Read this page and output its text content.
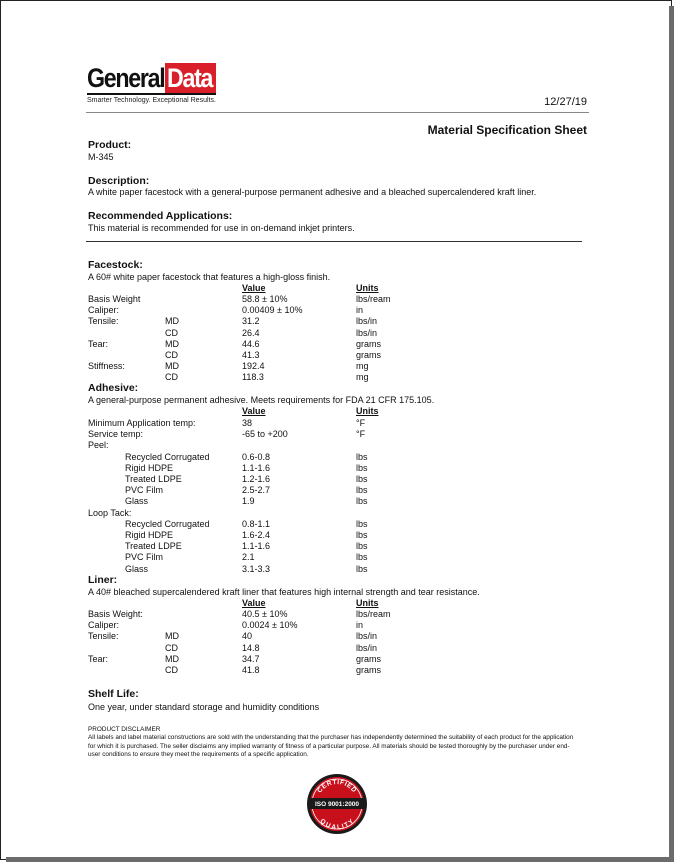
General Data
Smarter Technology. Exceptional Results.	12/27/19
Material Specification Sheet
Product:
M-345
Description:
A white paper facestock with a general-purpose permanent adhesive and a bleached supercalendered kraft liner.
Recommended Applications:
This material is recommended for use in on-demand inkjet printers.
Facestock:
A 60# white paper facestock that features a high-gloss finish.
Value	Units
Basis Weight	58.8 ± 10%	lbs/ream
Caliper:	0.00409 ± 10%	in
Tensile:	MD	31.2	lbs/in
CD	26.4	lbs/in
Tear:	MD	44.6	grams
CD	41.3	grams
Stiffness:	MD	192.4	mg
CD	118.3	mg
Adhesive:
A general-purpose permanent adhesive. Meets requirements for FDA 21 CFR 175.105.
Value	Units
Minimum Application temp:	38	°F
Service temp:	-65 to +200	°F
Peel:
Recycled Corrugated	0.6-0.8	lbs
Rigid HDPE	1.1-1.6	lbs
Treated LDPE	1.2-1.6	lbs
PVC Film	2.5-2.7	lbs
Glass	1.9	lbs
Loop Tack:
Recycled Corrugated	0.8-1.1	lbs
Rigid HDPE	1.6-2.4	lbs
Treated LDPE	1.1-1.6	lbs
PVC Film	2.1	lbs
Glass	3.1-3.3	lbs
Liner:
A 40# bleached supercalendered kraft liner that features high internal strength and tear resistance.
Value	Units
Basis Weight:	40.5 ± 10%	lbs/ream
Caliper:	0.0024 ± 10%	in
Tensile:	MD	40	lbs/in
CD	14.8	lbs/in
Tear:	MD	34.7	grams
CD	41.8	grams
Shelf Life:
One year, under standard storage and humidity conditions
PRODUCT DISCLAIMER
All labels and label material constructions are sold with the understanding that the purchaser has independently determined the suitability of each product for the application for which it is purchased. The seller disclaims any implied warranty of fitness of a particular purpose. All materials should be tested thoroughly by the purchaser under end-user conditions to ensure they meet the requirements of a specific application.
CERTIFIED
ISO 9001:2000
QUALITY
